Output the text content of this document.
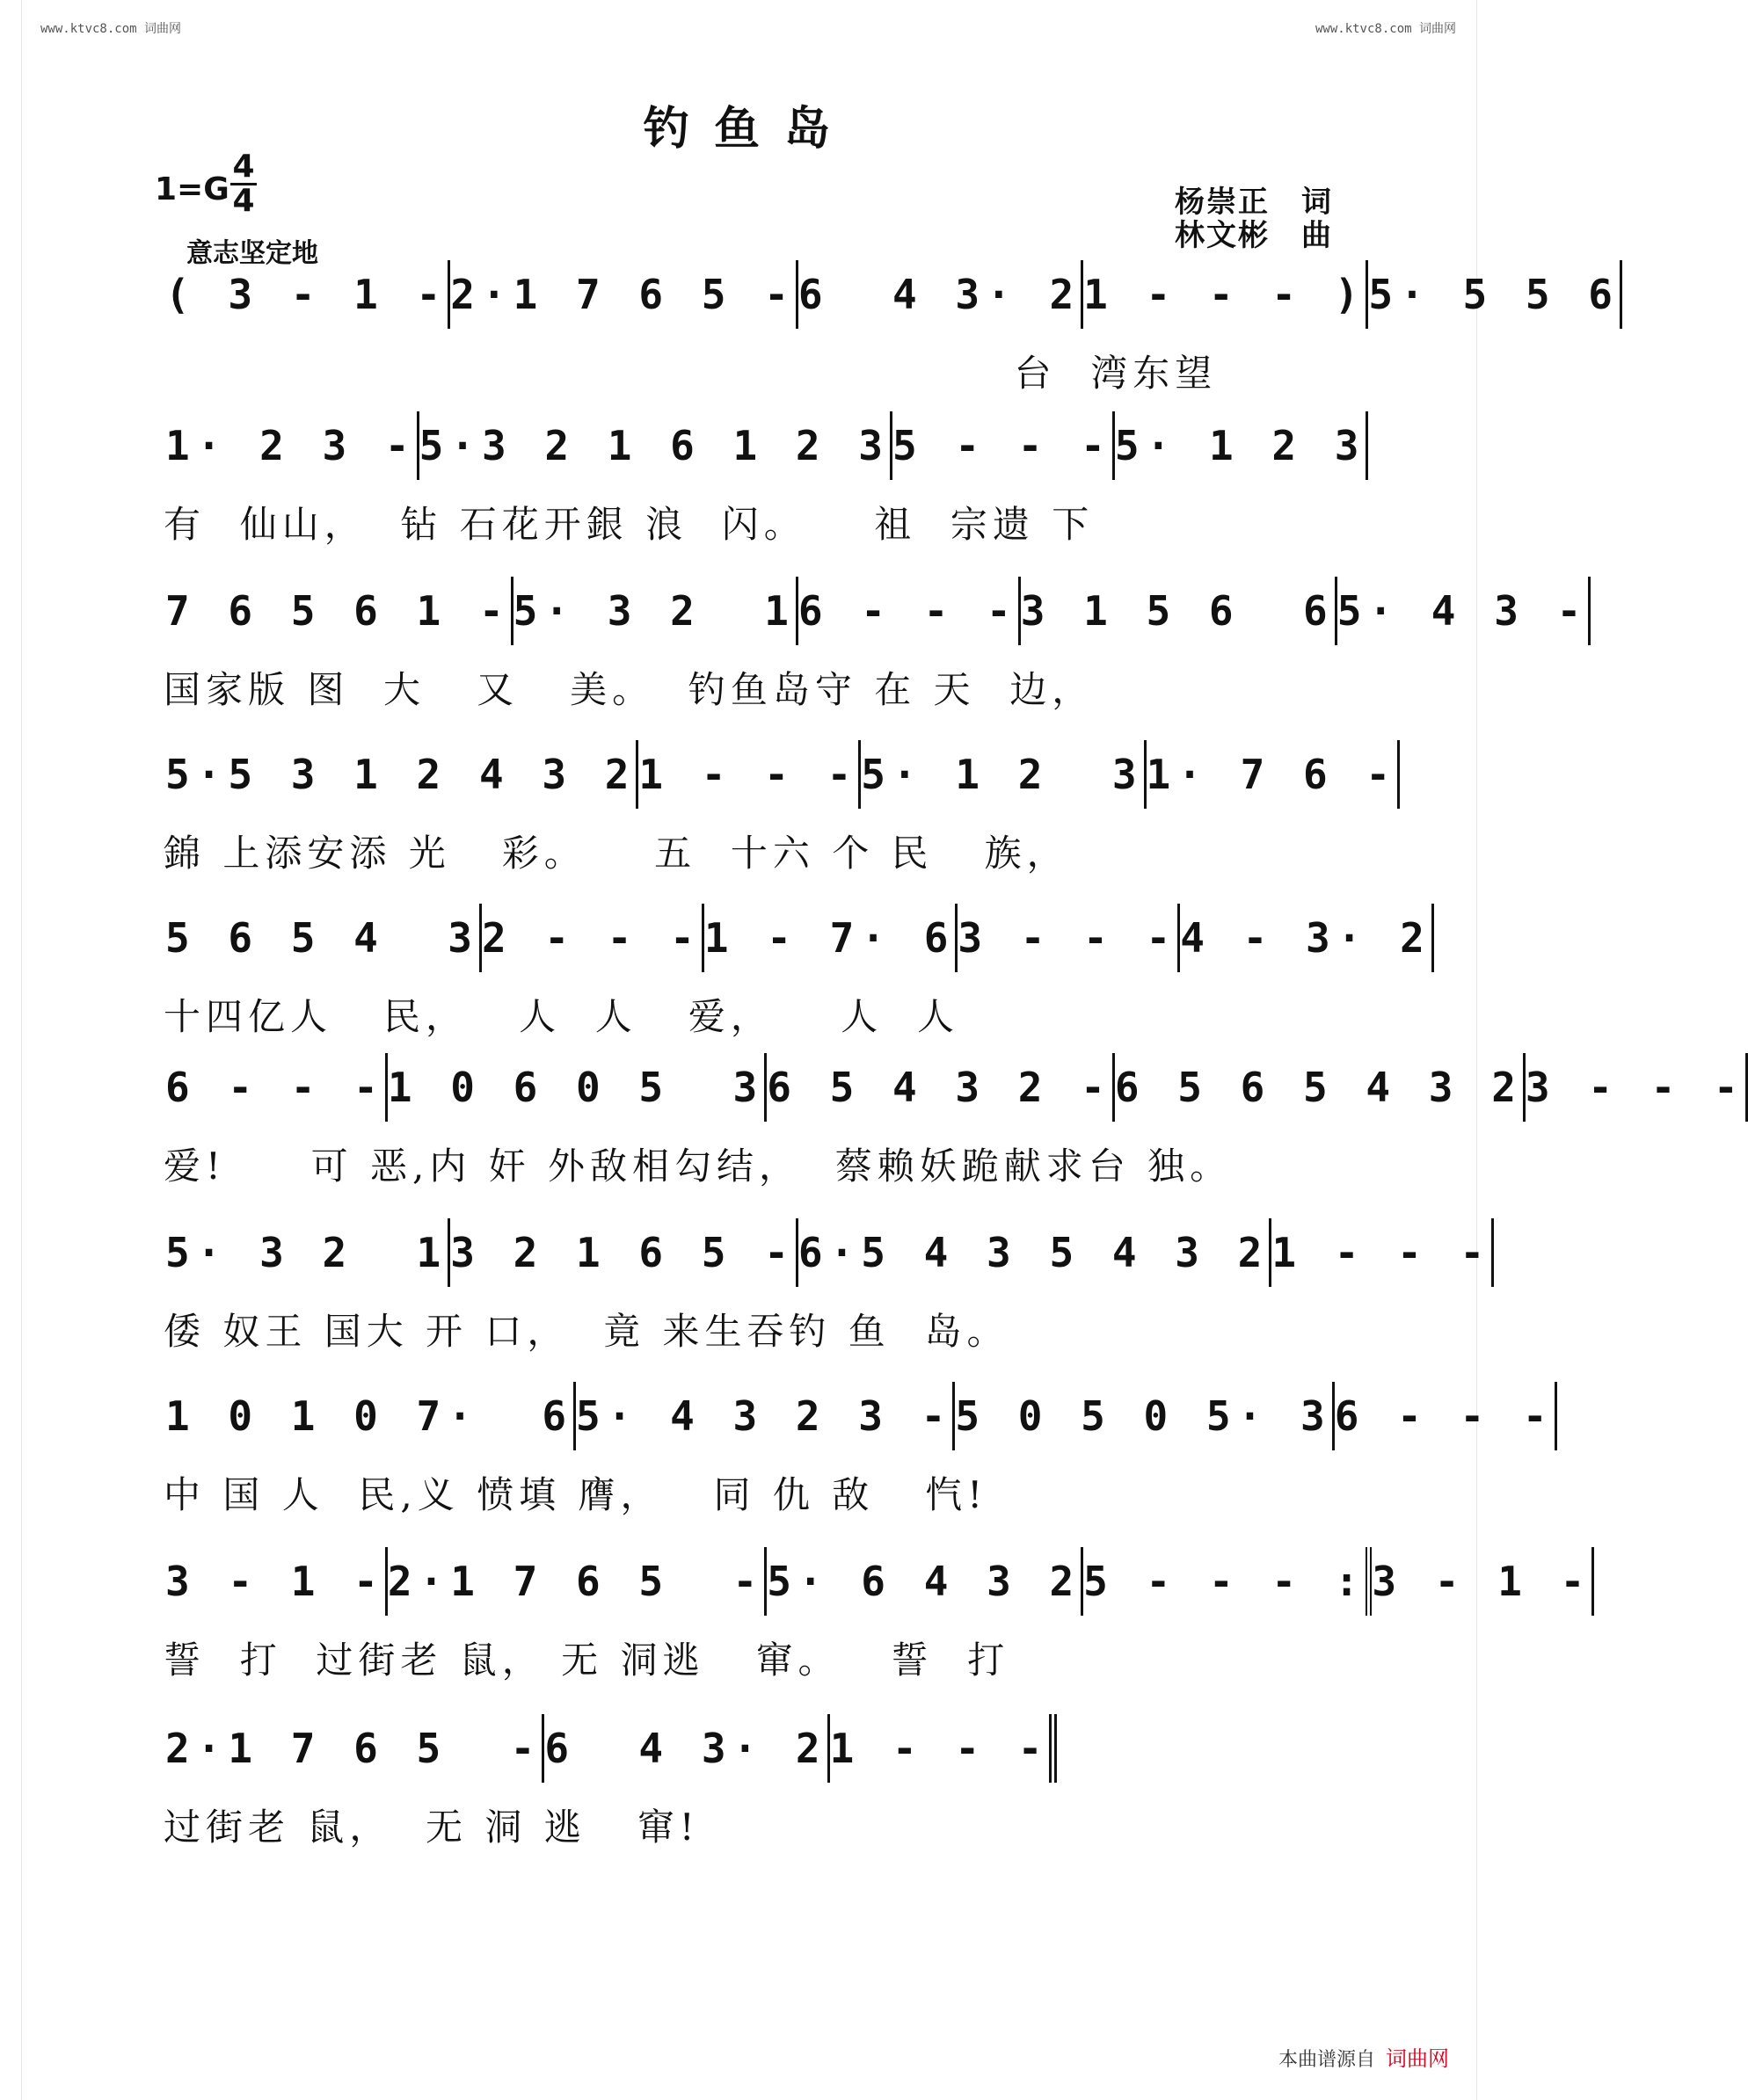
www.ktvc8.com 词曲网	www.ktvc8.com 词曲网
钓鱼岛
$1=G \frac{4}{4}$
意志坚定地
杨崇正 词
林文彬 曲
( 3 - 1 - 2·1 7 6 5 - 6  4 3· 2 1 - - - ) 5· 5 5 6
台  湾东望
1· 2 3 - 5·3 2 1 6 1 2 3 5 - - - 5· 1 2 3
有  仙山，  钻 石花开銀 浪  闪。    祖  宗遗 下
7 6 5 6 1 - 5· 3 2  1 6 - - - 3 1 5 6  6 5· 4 3 -
国家版 图  大   又   美。  钓鱼岛守 在 天  边，
5·5 3 1 2 4 3 2 1 - - - 5· 1 2  3 1· 7 6 -
錦 上添安添 光   彩。    五  十六 个 民   族，
5 6 5 4  3 2 - - - 1 - 7· 6 3 - - - 4 - 3· 2
十四亿人   民，   人  人   爱，    人  人
6 - - - 1 0 6 0 5  3 6 5 4 3 2 - 6 5 6 5 4 3 2 3 - - -
爱!     可 恶,内 奸 外敌相勾结，  蔡赖妖跪献求台 独。
5· 3 2  1 3 2 1 6 5 - 6·5 4 3 5 4 3 2 1 - - -
倭 奴王 国大 开 口，  竟 来生吞钓 鱼  岛。
1 0 1 0 7·  6 5· 4 3 2 3 - 5 0 5 0 5· 3 6 - - -
中 国 人  民,义 愤填 膺，   同 仇 敌   忾!
3 - 1 - 2·1 7 6 5  - 5· 6 4 3 2 5 - - - : 3 - 1 -
誓  打  过街老 鼠， 无 洞逃   窜。   誓  打
2·1 7 6 5  - 6  4 3· 2 1 - - -
过街老 鼠，  无 洞 逃   窜!
本曲谱源自 词曲网
